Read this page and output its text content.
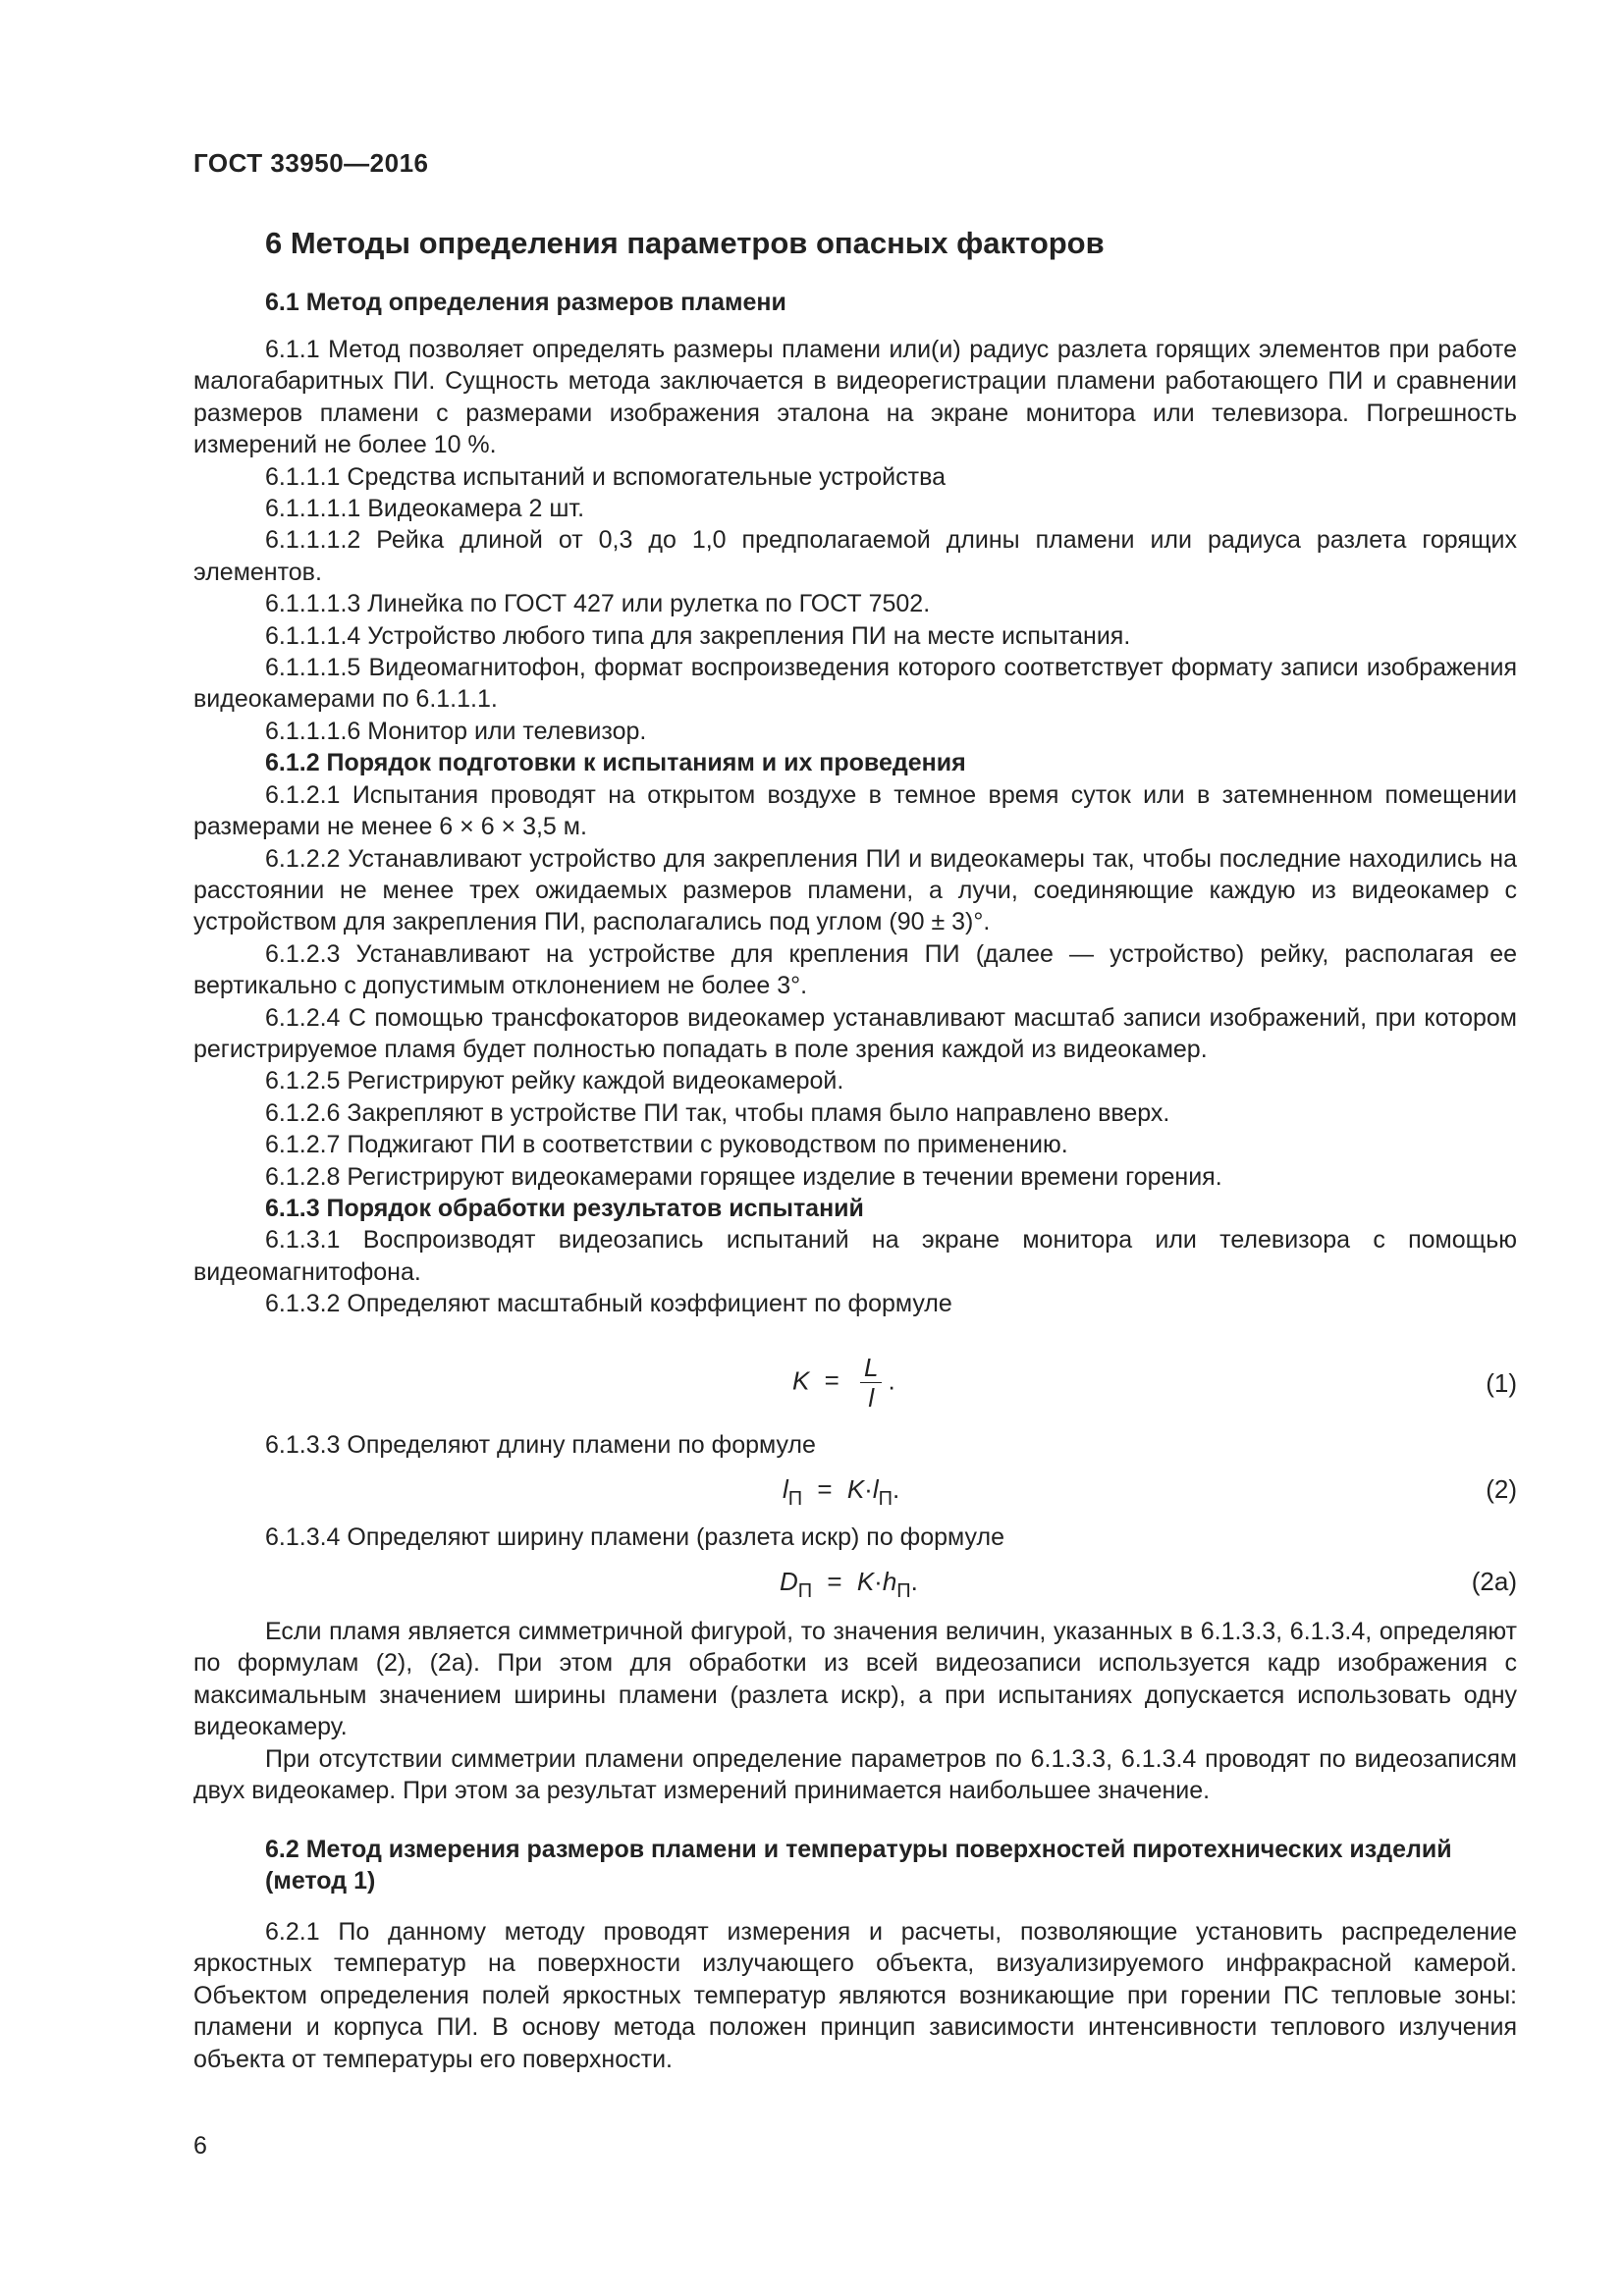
ГОСТ 33950—2016
6 Методы определения параметров опасных факторов
6.1 Метод определения размеров пламени

6.1.1 Метод позволяет определять размеры пламени или(и) радиус разлета горящих элементов при работе малогабаритных ПИ. Сущность метода заключается в видеорегистрации пламени работающего ПИ и сравнении размеров пламени с размерами изображения эталона на экране монитора или телевизора. Погрешность измерений не более 10 %.

6.1.1.1 Средства испытаний и вспомогательные устройства

6.1.1.1.1 Видеокамера 2 шт.

6.1.1.1.2 Рейка длиной от 0,3 до 1,0 предполагаемой длины пламени или радиуса разлета горящих элементов.

6.1.1.1.3 Линейка по ГОСТ 427 или рулетка по ГОСТ 7502.

6.1.1.1.4 Устройство любого типа для закрепления ПИ на месте испытания.

6.1.1.1.5 Видеомагнитофон, формат воспроизведения которого соответствует формату записи изображения видеокамерами по 6.1.1.1.

6.1.1.1.6 Монитор или телевизор.

6.1.2 Порядок подготовки к испытаниям и их проведения

6.1.2.1 Испытания проводят на открытом воздухе в темное время суток или в затемненном помещении размерами не менее 6 × 6 × 3,5 м.

6.1.2.2 Устанавливают устройство для закрепления ПИ и видеокамеры так, чтобы последние находились на расстоянии не менее трех ожидаемых размеров пламени, а лучи, соединяющие каждую из видеокамер с устройством для закрепления ПИ, располагались под углом (90 ± 3)°.

6.1.2.3 Устанавливают на устройстве для крепления ПИ (далее — устройство) рейку, располагая ее вертикально с допустимым отклонением не более 3°.

6.1.2.4 С помощью трансфокаторов видеокамер устанавливают масштаб записи изображений, при котором регистрируемое пламя будет полностью попадать в поле зрения каждой из видеокамер.

6.1.2.5 Регистрируют рейку каждой видеокамерой.

6.1.2.6 Закрепляют в устройстве ПИ так, чтобы пламя было направлено вверх.

6.1.2.7 Поджигают ПИ в соответствии с руководством по применению.

6.1.2.8 Регистрируют видеокамерами горящее изделие в течении времени горения.

6.1.3 Порядок обработки результатов испытаний

6.1.3.1 Воспроизводят видеозапись испытаний на экране монитора или телевизора с помощью видеомагнитофона.

6.1.3.2 Определяют масштабный коэффициент по формуле

$K = \frac{L}{l}$ .	(1)

6.1.3.3 Определяют длину пламени по формуле

$l_П = K\cdot l_П$.	(2)

6.1.3.4 Определяют ширину пламени (разлета искр) по формуле

$D_П = K\cdot h_П$.	(2а)

Если пламя является симметричной фигурой, то значения величин, указанных в 6.1.3.3, 6.1.3.4, определяют по формулам (2), (2а). При этом для обработки из всей видеозаписи используется кадр изображения с максимальным значением ширины пламени (разлета искр), а при испытаниях допускается использовать одну видеокамеру.

При отсутствии симметрии пламени определение параметров по 6.1.3.3, 6.1.3.4 проводят по видеозаписям двух видеокамер. При этом за результат измерений принимается наибольшее значение.

6.2 Метод измерения размеров пламени и температуры поверхностей пиротехнических изделий (метод 1)

6.2.1 По данному методу проводят измерения и расчеты, позволяющие установить распределение яркостных температур на поверхности излучающего объекта, визуализируемого инфракрасной камерой. Объектом определения полей яркостных температур являются возникающие при горении ПС тепловые зоны: пламени и корпуса ПИ. В основу метода положен принцип зависимости интенсивности теплового излучения объекта от температуры его поверхности.

6
